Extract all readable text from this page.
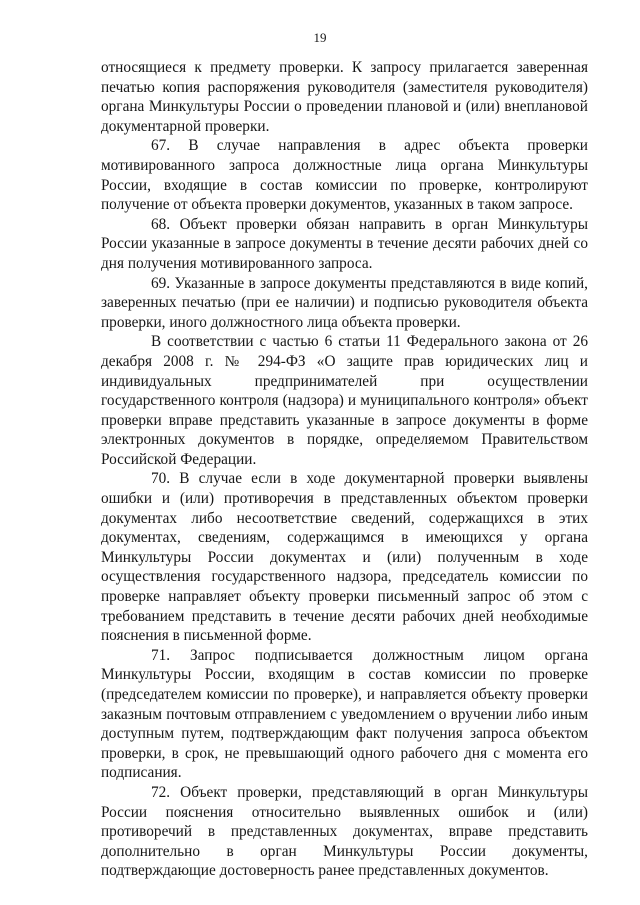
19

относящиеся к предмету проверки. К запросу прилагается заверенная печатью копия распоряжения руководителя (заместителя руководителя) органа Минкультуры России о проведении плановой и (или) внеплановой документарной проверки.

67. В случае направления в адрес объекта проверки мотивированного запроса должностные лица органа Минкультуры России, входящие в состав комиссии по проверке, контролируют получение от объекта проверки документов, указанных в таком запросе.

68. Объект проверки обязан направить в орган Минкультуры России указанные в запросе документы в течение десяти рабочих дней со дня получения мотивированного запроса.

69. Указанные в запросе документы представляются в виде копий, заверенных печатью (при ее наличии) и подписью руководителя объекта проверки, иного должностного лица объекта проверки.

В соответствии с частью 6 статьи 11 Федерального закона от 26 декабря 2008 г. № 294-ФЗ «О защите прав юридических лиц и индивидуальных предпринимателей при осуществлении государственного контроля (надзора) и муниципального контроля» объект проверки вправе представить указанные в запросе документы в форме электронных документов в порядке, определяемом Правительством Российской Федерации.

70. В случае если в ходе документарной проверки выявлены ошибки и (или) противоречия в представленных объектом проверки документах либо несоответствие сведений, содержащихся в этих документах, сведениям, содержащимся в имеющихся у органа Минкультуры России документах и (или) полученным в ходе осуществления государственного надзора, председатель комиссии по проверке направляет объекту проверки письменный запрос об этом с требованием представить в течение десяти рабочих дней необходимые пояснения в письменной форме.

71. Запрос подписывается должностным лицом органа Минкультуры России, входящим в состав комиссии по проверке (председателем комиссии по проверке), и направляется объекту проверки заказным почтовым отправлением с уведомлением о вручении либо иным доступным путем, подтверждающим факт получения запроса объектом проверки, в срок, не превышающий одного рабочего дня с момента его подписания.

72. Объект проверки, представляющий в орган Минкультуры России пояснения относительно выявленных ошибок и (или) противоречий в представленных документах, вправе представить дополнительно в орган Минкультуры России документы, подтверждающие достоверность ранее представленных документов.
